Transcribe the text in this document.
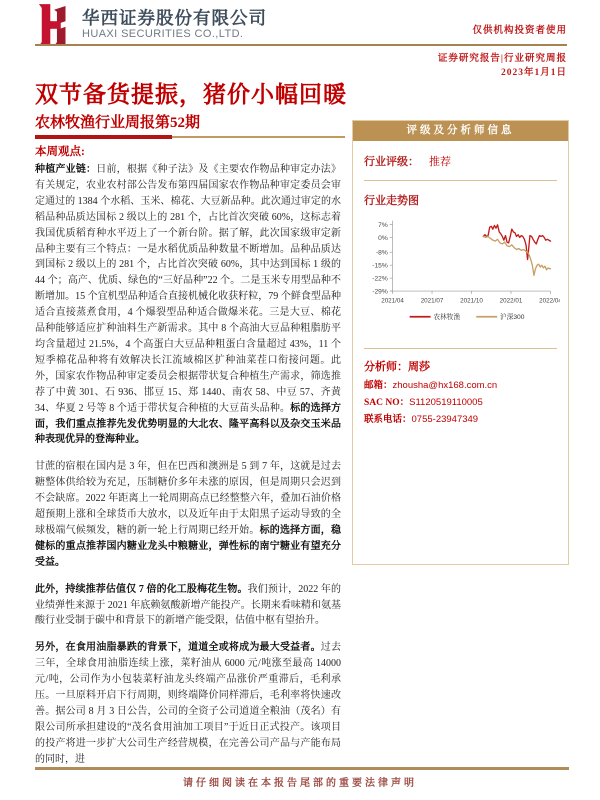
华西证券股份有限公司
HUAXI SECURITIES CO.,LTD.	仅供机构投资者使用
证券研究报告|行业研究周报
2023年1月1日
双节备货提振，猪价小幅回暖
农林牧渔行业周报第52期
本周观点:
种植产业链：日前，根据《种子法》及《主要农作物品种审定办法》有关规定，农业农村部公告发布第四届国家农作物品种审定委员会审定通过的 1384 个水稻、玉米、棉花、大豆新品种。此次通过审定的水稻品种品质达国标 2 级以上的 281 个，占比首次突破 60%，这标志着我国优质稻育种水平迈上了一个新台阶。据了解，此次国家级审定新品种主要有三个特点：一是水稻优质品种数量不断增加。品种品质达到国标 2 级以上的 281 个，占比首次突破 60%，其中达到国标 1 级的 44 个；高产、优质、绿色的“三好品种”22 个。二是玉米专用型品种不断增加。15 个宜机型品种适合直接机械化收获籽粒，79 个鲜食型品种适合直接蒸煮食用，4 个爆裂型品种适合做爆米花。三是大豆、棉花品种能够适应扩种油料生产新需求。其中 8 个高油大豆品种粗脂肪平均含量超过 21.5%，4 个高蛋白大豆品种粗蛋白含量超过 43%，11 个短季棉花品种将有效解决长江流域棉区扩种油菜茬口衔接问题。此外，国家农作物品种审定委员会根据带状复合种植生产需求，筛选推荐了中黄 301、石 936、邯豆 15、郑 1440、南农 58、中豆 57、齐黄 34、华夏 2 号等 8 个适于带状复合种植的大豆苗头品种。标的选择方面，我们重点推荐先发优势明显的大北农、隆平高科以及杂交玉米品种表现优异的登海种业。
甘蔗的宿根在国内是 3 年，但在巴西和澳洲是 5 到 7 年，这就是过去糖整体供给较为充足，压制糖价多年未涨的原因，但是周期只会迟到不会缺席。2022 年距离上一轮周期高点已经整整六年，叠加石油价格超预期上涨和全球货币大放水，以及近年由于太阳黑子运动导致的全球极端气候频发，糖的新一轮上行周期已经开始。标的选择方面，稳健标的重点推荐国内糖业龙头中粮糖业，弹性标的南宁糖业有望充分受益。
此外，持续推荐估值仅 7 倍的化工股梅花生物。我们预计，2022 年的业绩弹性来源于 2021 年底赖氨酸新增产能投产。长期来看味精和氨基酸行业受制于碳中和背景下的新增产能受限，估值中枢有望抬升。
另外，在食用油脂暴跌的背景下，道道全或将成为最大受益者。过去三年，全球食用油脂连续上涨，菜籽油从 6000 元/吨涨至最高 14000 元/吨，公司作为小包装菜籽油龙头终端产品涨价严重滞后，毛利承压。一旦原料开启下行周期，则终端降价同样滞后，毛利率将快速改善。据公司 8 月 3 日公告，公司的全资子公司道道全粮油（茂名）有限公司所承担建设的“茂名食用油加工项目”于近日正式投产。该项目的投产将进一步扩大公司生产经营规模，在完善公司产品与产能布局的同时，进
评级及分析师信息
行业评级： 推荐
行业走势图
7%
0%
-8%
-15%
-22%
-29%
2021/04	2021/07	2021/10	2022/01	2022/04
农林牧渔	沪深300
分析师：周莎
邮箱：zhousha@hx168.com.cn
SAC NO：S1120519110005
联系电话：0755-23947349
请仔细阅读在本报告尾部的重要法律声明
